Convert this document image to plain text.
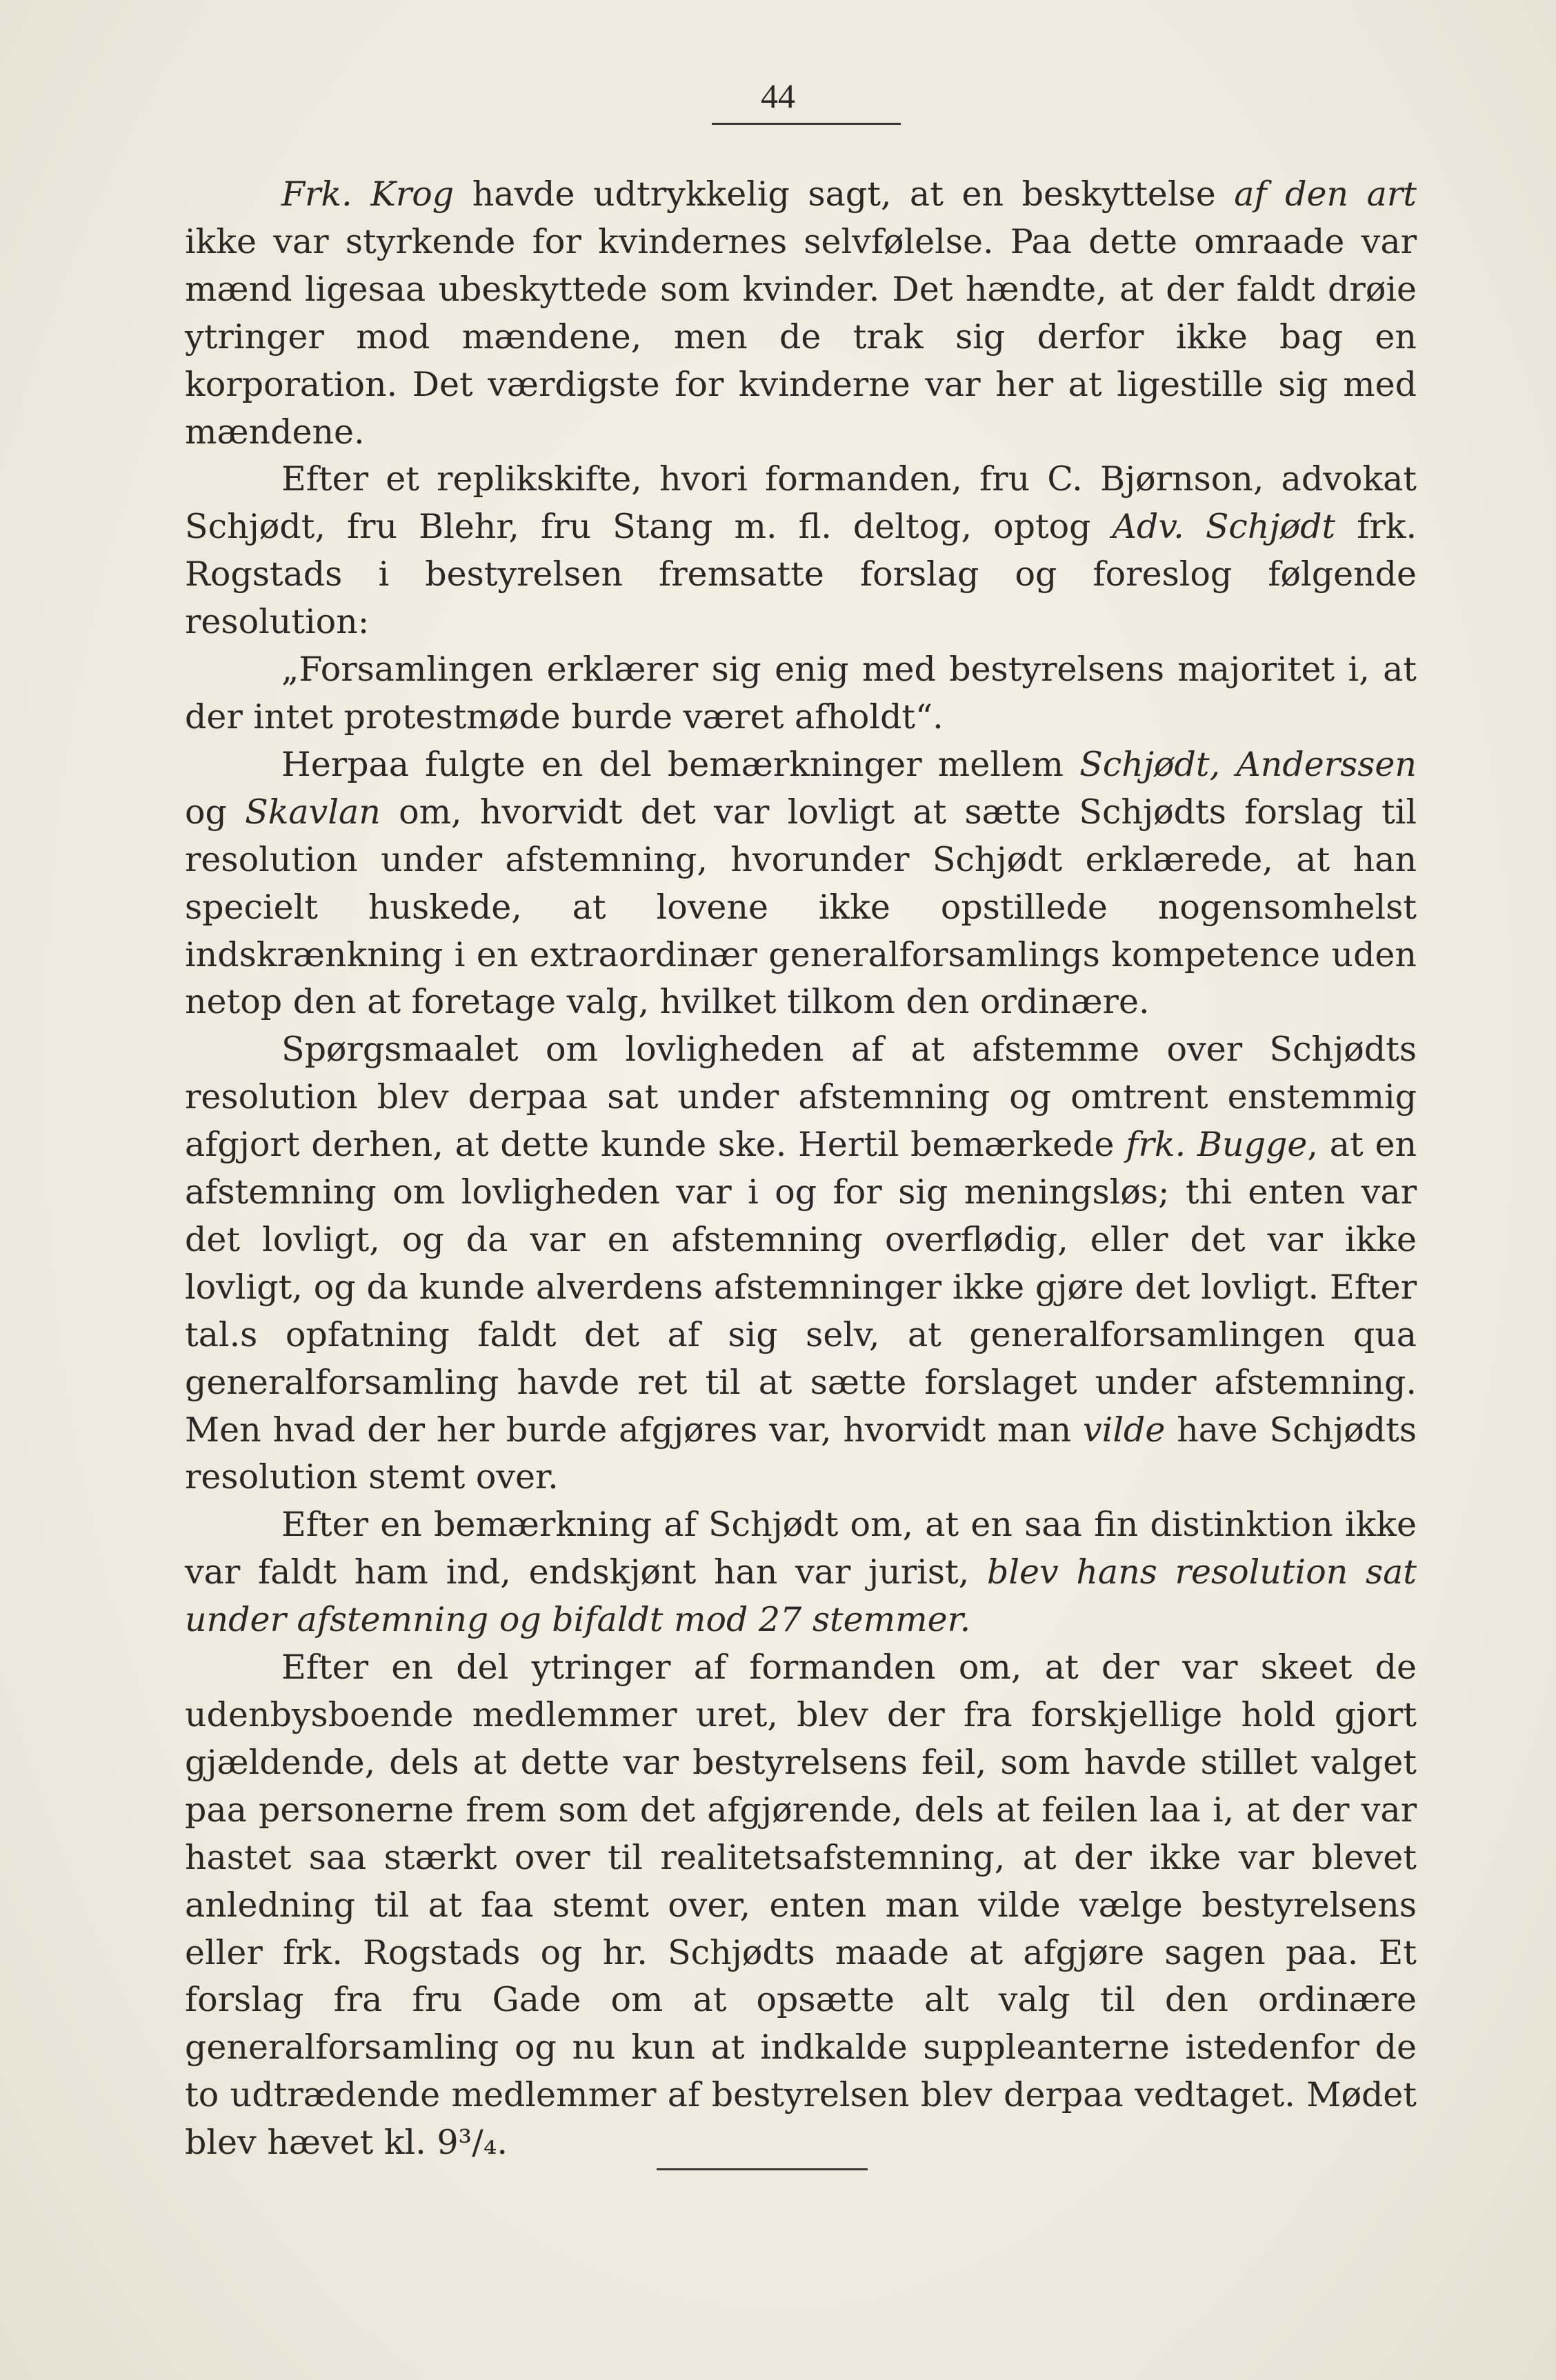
44

Frk. Krog havde udtrykkelig sagt, at en beskyttelse af den art ikke var styrkende for kvindernes selvfølelse. Paa dette omraade var mænd ligesaa ubeskyttede som kvinder. Det hændte, at der faldt drøie ytringer mod mændene, men de trak sig derfor ikke bag en korporation. Det værdigste for kvinderne var her at ligestille sig med mændene.

Efter et replikskifte, hvori formanden, fru C. Bjørnson, advokat Schjødt, fru Blehr, fru Stang m. fl. deltog, optog Adv. Schjødt frk. Rogstads i bestyrelsen fremsatte forslag og foreslog følgende resolution:

„Forsamlingen erklærer sig enig med bestyrelsens majoritet i, at der intet protestmøde burde været afholdt“.

Herpaa fulgte en del bemærkninger mellem Schjødt, Anderssen og Skavlan om, hvorvidt det var lovligt at sætte Schjødts forslag til resolution under afstemning, hvorunder Schjødt erklærede, at han specielt huskede, at lovene ikke opstillede nogensomhelst indskrænkning i en extraordinær generalforsamlings kompetence uden netop den at foretage valg, hvilket tilkom den ordinære.

Spørgsmaalet om lovligheden af at afstemme over Schjødts resolution blev derpaa sat under afstemning og omtrent enstemmig afgjort derhen, at dette kunde ske. Hertil bemærkede frk. Bugge, at en afstemning om lovligheden var i og for sig meningsløs; thi enten var det lovligt, og da var en afstemning overflødig, eller det var ikke lovligt, og da kunde alverdens afstemninger ikke gjøre det lovligt. Efter tal.s opfatning faldt det af sig selv, at generalforsamlingen qua generalforsamling havde ret til at sætte forslaget under afstemning. Men hvad der her burde afgjøres var, hvorvidt man vilde have Schjødts resolution stemt over.

Efter en bemærkning af Schjødt om, at en saa fin distinktion ikke var faldt ham ind, endskjønt han var jurist, blev hans resolution sat under afstemning og bifaldt mod 27 stemmer.

Efter en del ytringer af formanden om, at der var skeet de udenbysboende medlemmer uret, blev der fra forskjellige hold gjort gjældende, dels at dette var bestyrelsens feil, som havde stillet valget paa personerne frem som det afgjørende, dels at feilen laa i, at der var hastet saa stærkt over til realitetsafstemning, at der ikke var blevet anledning til at faa stemt over, enten man vilde vælge bestyrelsens eller frk. Rogstads og hr. Schjødts maade at afgjøre sagen paa. Et forslag fra fru Gade om at opsætte alt valg til den ordinære generalforsamling og nu kun at indkalde suppleanterne istedenfor de to udtrædende medlemmer af bestyrelsen blev derpaa vedtaget. Mødet blev hævet kl. 9³/₄.
